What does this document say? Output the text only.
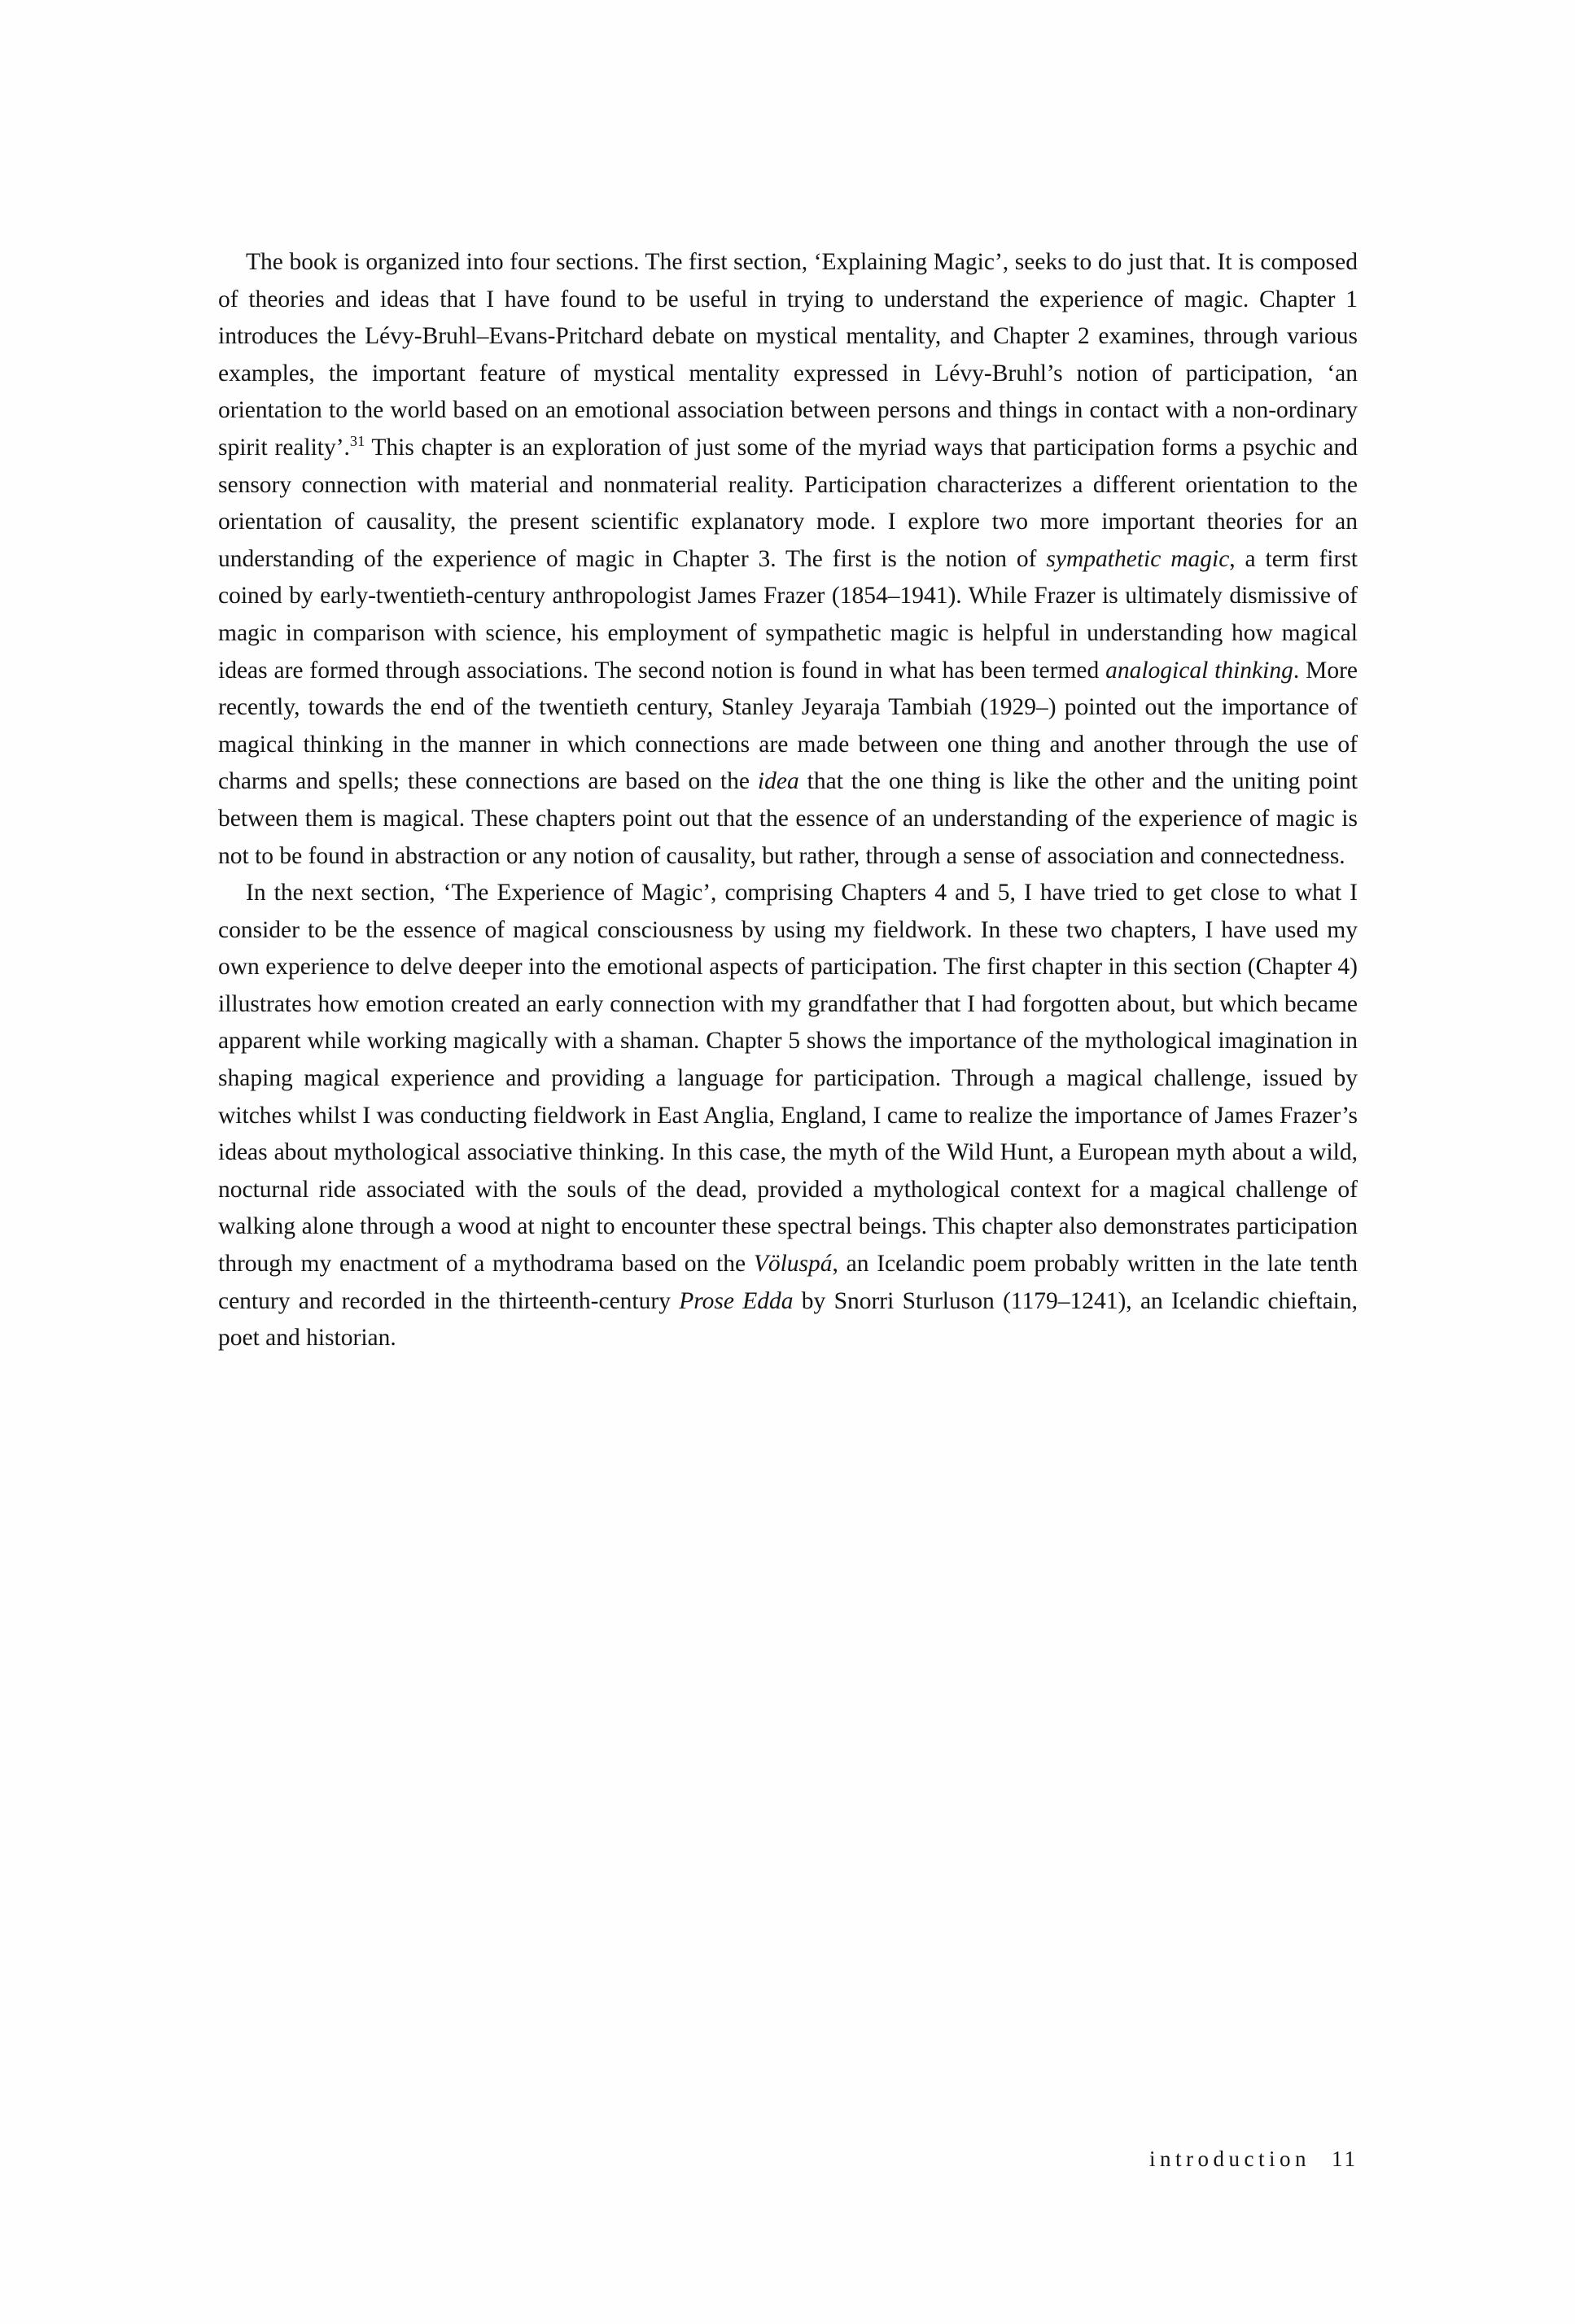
The book is organized into four sections. The first section, ‘Explaining Magic’, seeks to do just that. It is composed of theories and ideas that I have found to be useful in trying to understand the experience of magic. Chapter 1 introduces the Lévy-Bruhl–Evans-Pritchard debate on mystical mentality, and Chapter 2 examines, through various examples, the important feature of mystical mentality expressed in Lévy-Bruhl’s notion of participation, ‘an orientation to the world based on an emotional association between persons and things in contact with a non-ordinary spirit reality’.$^{31}$ This chapter is an exploration of just some of the myriad ways that participation forms a psychic and sensory connection with material and nonmaterial reality. Participation characterizes a different orientation to the orientation of causality, the present scientific explanatory mode. I explore two more important theories for an understanding of the experience of magic in Chapter 3. The first is the notion of sympathetic magic, a term first coined by early-twentieth-century anthropologist James Frazer (1854–1941). While Frazer is ultimately dismissive of magic in comparison with science, his employment of sympathetic magic is helpful in understanding how magical ideas are formed through associations. The second notion is found in what has been termed analogical thinking. More recently, towards the end of the twentieth century, Stanley Jeyaraja Tambiah (1929–) pointed out the importance of magical thinking in the manner in which connections are made between one thing and another through the use of charms and spells; these connections are based on the idea that the one thing is like the other and the uniting point between them is magical. These chapters point out that the essence of an understanding of the experience of magic is not to be found in abstraction or any notion of causality, but rather, through a sense of association and connectedness.

In the next section, ‘The Experience of Magic’, comprising Chapters 4 and 5, I have tried to get close to what I consider to be the essence of magical consciousness by using my fieldwork. In these two chapters, I have used my own experience to delve deeper into the emotional aspects of participation. The first chapter in this section (Chapter 4) illustrates how emotion created an early connection with my grandfather that I had forgotten about, but which became apparent while working magically with a shaman. Chapter 5 shows the importance of the mythological imagination in shaping magical experience and providing a language for participation. Through a magical challenge, issued by witches whilst I was conducting fieldwork in East Anglia, England, I came to realize the importance of James Frazer’s ideas about mythological associative thinking. In this case, the myth of the Wild Hunt, a European myth about a wild, nocturnal ride associated with the souls of the dead, provided a mythological context for a magical challenge of walking alone through a wood at night to encounter these spectral beings. This chapter also demonstrates participation through my enactment of a mythodrama based on the Völuspá, an Icelandic poem probably written in the late tenth century and recorded in the thirteenth-century Prose Edda by Snorri Sturluson (1179–1241), an Icelandic chieftain, poet and historian.

introduction 11
